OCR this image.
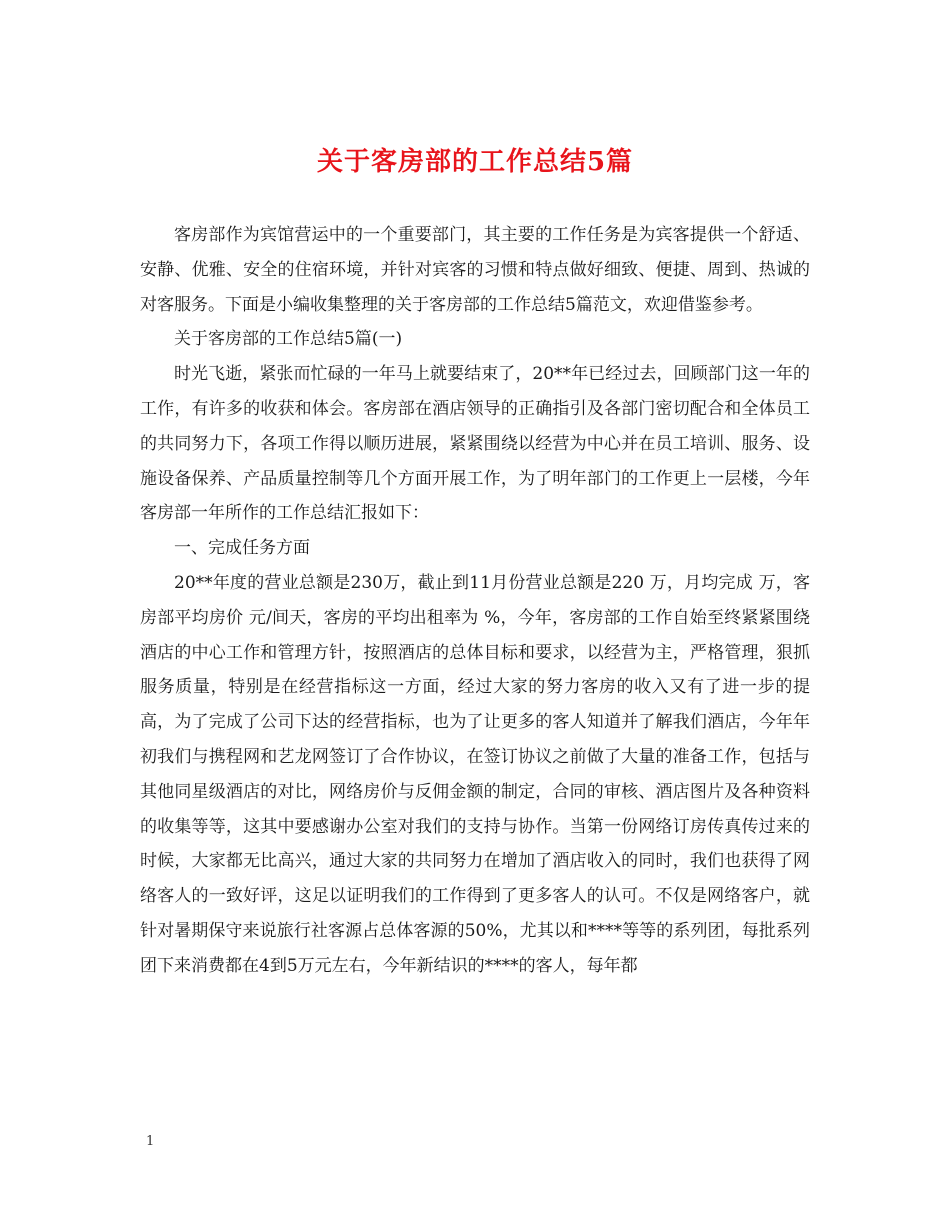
关于客房部的工作总结5篇

客房部作为宾馆营运中的一个重要部门，其主要的工作任务是为宾客提供一个舒适、安静、优雅、安全的住宿环境，并针对宾客的习惯和特点做好细致、便捷、周到、热诚的对客服务。下面是小编收集整理的关于客房部的工作总结5篇范文，欢迎借鉴参考。

关于客房部的工作总结5篇(一)

时光飞逝，紧张而忙碌的一年马上就要结束了，20**年已经过去，回顾部门这一年的工作，有许多的收获和体会。客房部在酒店领导的正确指引及各部门密切配合和全体员工的共同努力下，各项工作得以顺历进展，紧紧围绕以经营为中心并在员工培训、服务、设施设备保养、产品质量控制等几个方面开展工作，为了明年部门的工作更上一层楼，今年客房部一年所作的工作总结汇报如下：

一、完成任务方面

20**年度的营业总额是230万，截止到11月份营业总额是220 万，月均完成 万，客房部平均房价 元/间天，客房的平均出租率为 %，今年，客房部的工作自始至终紧紧围绕酒店的中心工作和管理方针，按照酒店的总体目标和要求，以经营为主，严格管理，狠抓服务质量，特别是在经营指标这一方面，经过大家的努力客房的收入又有了进一步的提高，为了完成了公司下达的经营指标，也为了让更多的客人知道并了解我们酒店，今年年初我们与携程网和艺龙网签订了合作协议，在签订协议之前做了大量的准备工作，包括与其他同星级酒店的对比，网络房价与反佣金额的制定，合同的审核、酒店图片及各种资料的收集等等，这其中要感谢办公室对我们的支持与协作。当第一份网络订房传真传过来的时候，大家都无比高兴，通过大家的共同努力在增加了酒店收入的同时，我们也获得了网络客人的一致好评，这足以证明我们的工作得到了更多客人的认可。不仅是网络客户，就针对暑期保守来说旅行社客源占总体客源的50%，尤其以和****等等的系列团，每批系列团下来消费都在4到5万元左右，今年新结识的****的客人，每年都

1
